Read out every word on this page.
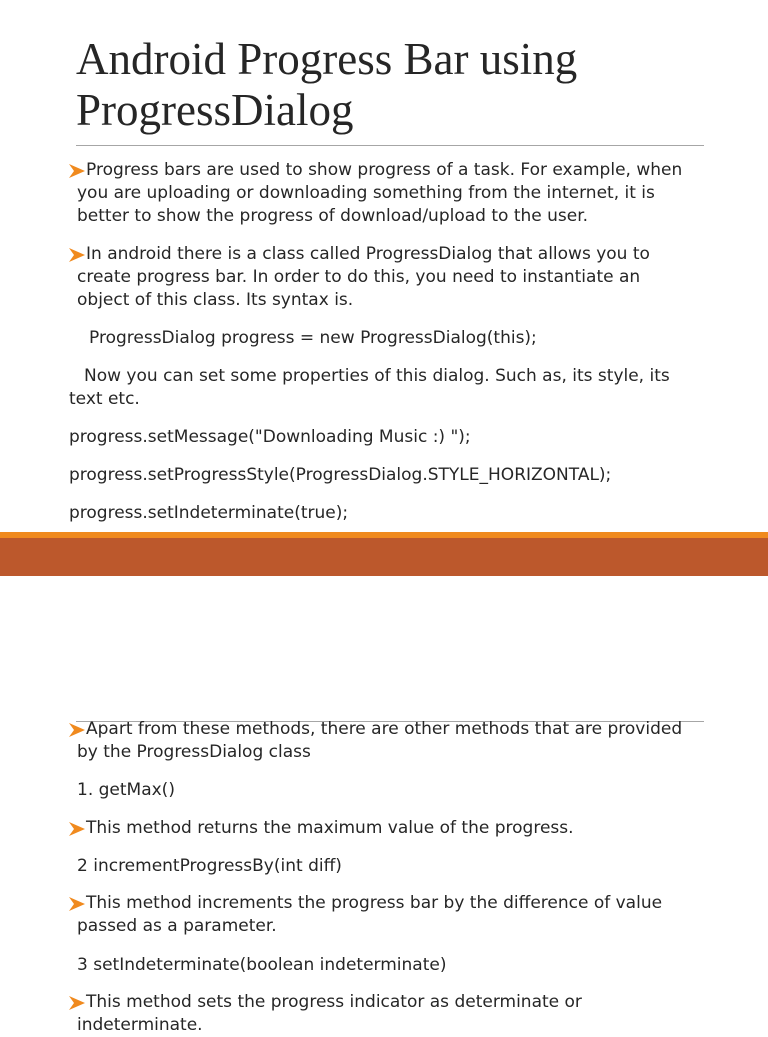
Android Progress Bar using
ProgressDialog

Progress bars are used to show progress of a task. For example, when

you are uploading or downloading something from the internet, it is

better to show the progress of download/upload to the user.

In android there is a class called ProgressDialog that allows you to

create progress bar. In order to do this, you need to instantiate an

object of this class. Its syntax is.

ProgressDialog progress = new ProgressDialog(this);

Now you can set some properties of this dialog. Such as, its style, its

text etc.

progress.setMessage("Downloading Music :) ");

progress.setProgressStyle(ProgressDialog.STYLE_HORIZONTAL);

progress.setIndeterminate(true);

Apart from these methods, there are other methods that are provided

by the ProgressDialog class

1. getMax()

This method returns the maximum value of the progress.

2 incrementProgressBy(int diff)

This method increments the progress bar by the difference of value

passed as a parameter.

3 setIndeterminate(boolean indeterminate)

This method sets the progress indicator as determinate or

indeterminate.
